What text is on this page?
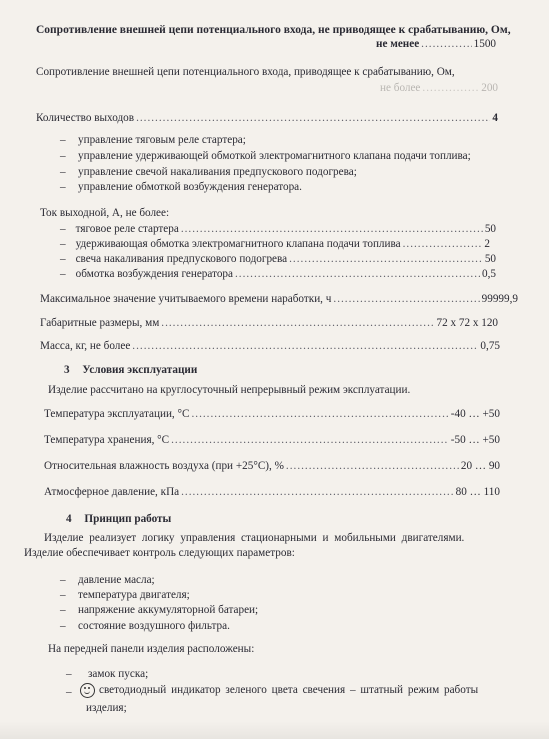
Сопротивление внешней цепи потенциального входа, не приводящее к срабатыванию, Ом,
не менее .....	1500
Сопротивление внешней цепи потенциального входа, приводящее к срабатыванию, Ом,
не более .....	200
Количество выходов .....	4
– управление тяговым реле стартера;
– управление удерживающей обмоткой электромагнитного клапана подачи топлива;
– управление свечой накаливания предпускового подогрева;
– управление обмоткой возбуждения генератора.
Ток выходной, А, не более:
– тяговое реле стартера .....	50
– удерживающая обмотка электромагнитного клапана подачи топлива .....	2
– свеча накаливания предпускового подогрева .....	50
– обмотка возбуждения генератора .....	0,5
Максимальное значение учитываемого времени наработки, ч .....	99999,9
Габаритные размеры, мм .....	72 х 72 х 120
Масса, кг, не более .....	0,75
3 Условия эксплуатации
Изделие рассчитано на круглосуточный непрерывный режим эксплуатации.
Температура эксплуатации, °С .....	-40 … +50
Температура хранения, °С .....	-50 … +50
Относительная влажность воздуха (при +25°С), % .....	20 … 90
Атмосферное давление, кПа .....	80 … 110
4 Принцип работы
Изделие реализует логику управления стационарными и мобильными двигателями.
Изделие обеспечивает контроль следующих параметров:
– давление масла;
– температура двигателя;
– напряжение аккумуляторной батареи;
– состояние воздушного фильтра.
На передней панели изделия расположены:
– замок пуска;
–	светодиодный индикатор зеленого цвета свечения – штатный режим работы
изделия;
